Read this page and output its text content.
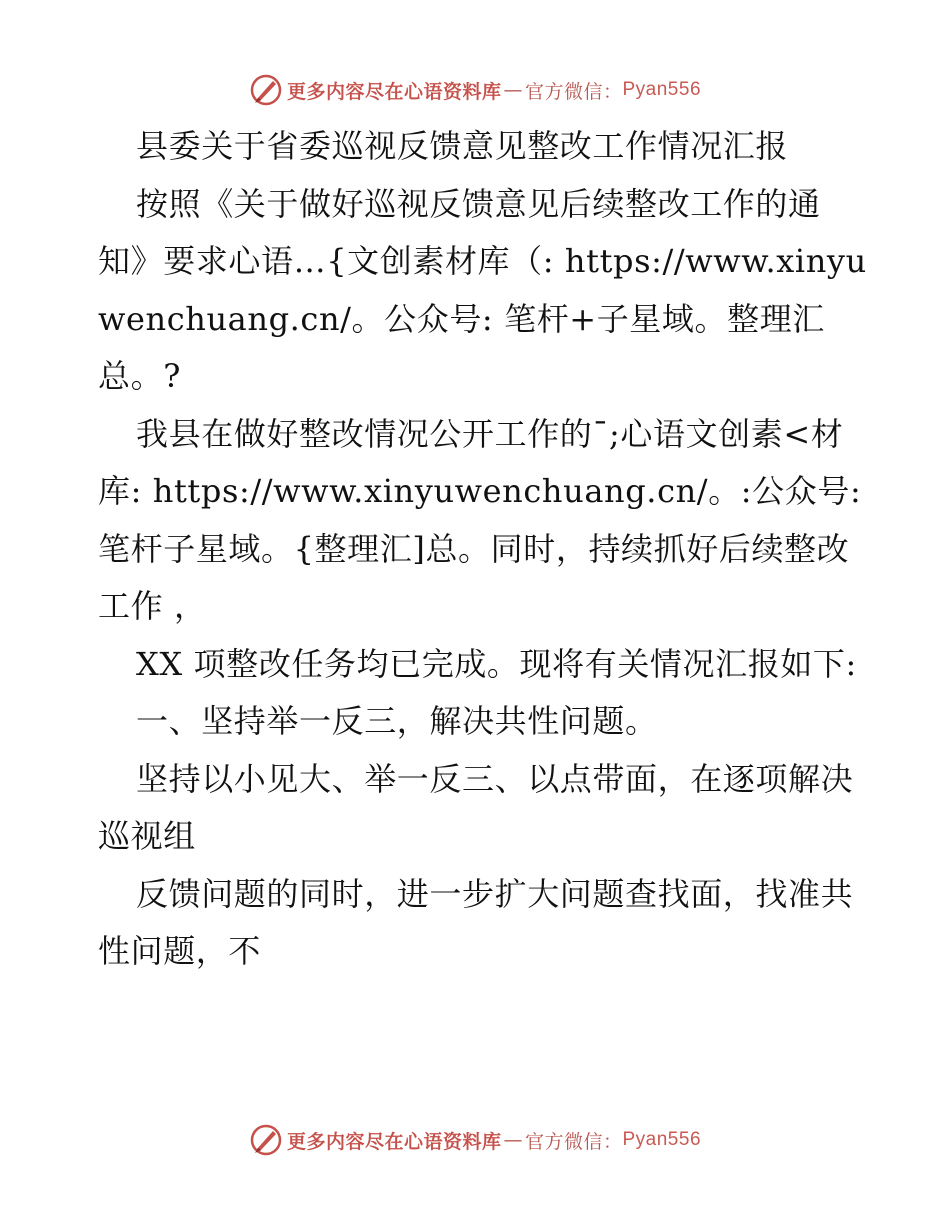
更多内容尽在心语资料库 — 官方微信： Pyan556

县委关于省委巡视反馈意见整改工作情况汇报

按照《关于做好巡视反馈意见后续整改工作的通知》要求心语…{文创素材库（: https://www.xinyuwenchuang.cn/。公众号: 笔杆+子星域。整理汇总。?

我县在做好整改情况公开工作的¯;心语文创素<材库: https://www.xinyuwenchuang.cn/。:公众号: 笔杆子星域。{整理汇]总。同时，持续抓好后续整改工作 ，

XX 项整改任务均已完成。现将有关情况汇报如下:

一、坚持举一反三，解决共性问题。

坚持以小见大、举一反三、以点带面，在逐项解决巡视组

反馈问题的同时，进一步扩大问题查找面，找准共性问题，不

更多内容尽在心语资料库 — 官方微信： Pyan556
